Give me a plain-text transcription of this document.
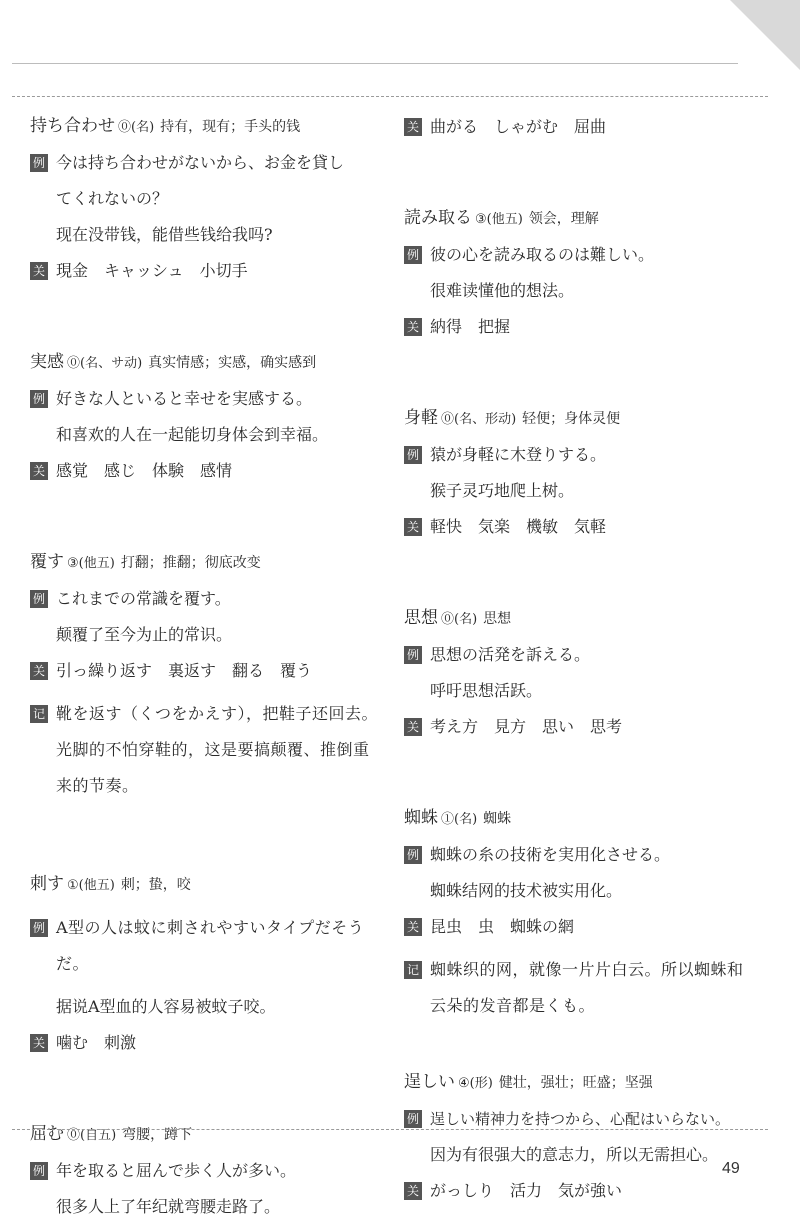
持ち合わせ ⓪(名) 持有，现有；手头的钱
例 今は持ち合わせがないから、お金を貸し
てくれないの？
现在没带钱，能借些钱给我吗?
关 現金　キャッシュ　小切手
実感 ⓪(名、サ动) 真实情感；实感，确实感到
例 好きな人といると幸せを実感する。
和喜欢的人在一起能切身体会到幸福。
关 感覚　感じ　体験　感情
覆す ③(他五) 打翻；推翻；彻底改变
例 これまでの常識を覆す。
颠覆了至今为止的常识。
关 引っ繰り返す　裏返す　翻る　覆う
记 靴を返す（くつをかえす），把鞋子还回去。光脚的不怕穿鞋的，这是要搞颠覆、推倒重来的节奏。
刺す ①(他五) 刺；蛰，咬
例 A型の人は蚊に刺されやすいタイプだそうだ。
据说A型血的人容易被蚊子咬。
关 噛む　刺激
屈む ⓪(自五) 弯腰，蹲下
例 年を取ると屈んで歩く人が多い。
很多人上了年纪就弯腰走路了。
关 曲がる　しゃがむ　屈曲
読み取る ③(他五) 领会，理解
例 彼の心を読み取るのは難しい。
很难读懂他的想法。
关 納得　把握
身軽 ⓪(名、形动) 轻便；身体灵便
例 猿が身軽に木登りする。
猴子灵巧地爬上树。
关 軽快　気楽　機敏　気軽
思想 ⓪(名) 思想
例 思想の活発を訴える。
呼吁思想活跃。
关 考え方　見方　思い　思考
蜘蛛 ①(名) 蜘蛛
例 蜘蛛の糸の技術を実用化させる。
蜘蛛结网的技术被实用化。
关 昆虫　虫　蜘蛛の網
记 蜘蛛织的网，就像一片片白云。所以蜘蛛和云朵的发音都是くも。
逞しい ④(形) 健壮，强壮；旺盛；坚强
例 逞しい精神力を持つから、心配はいらない。
因为有很强大的意志力，所以无需担心。
关 がっしり　活力　気が強い
49
